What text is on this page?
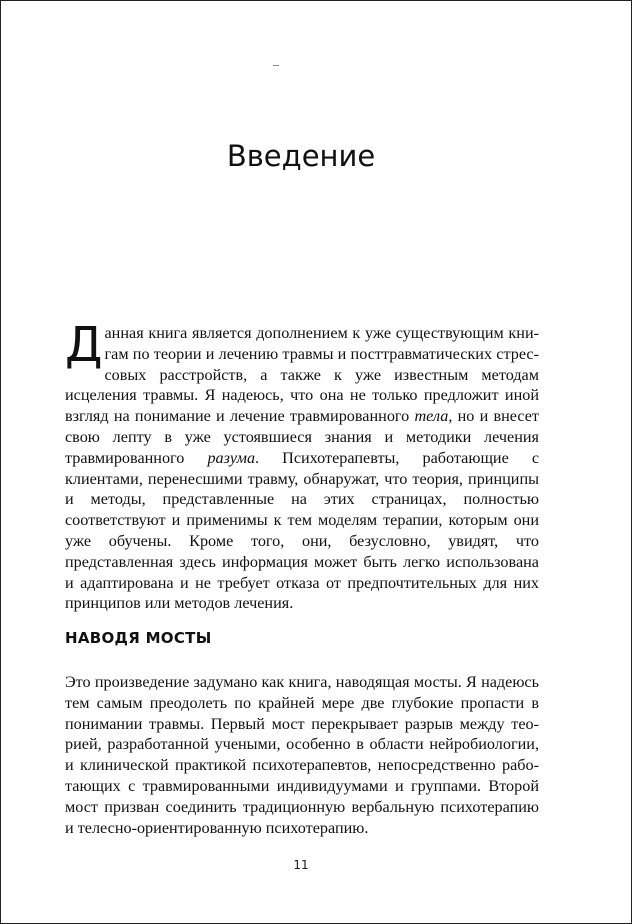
Введение

Данная книга является дополнением к уже существующим книгам по теории и лечению травмы и посттравматических стрессовых расстройств, а также к уже известным методам исцеления травмы. Я надеюсь, что она не только предложит иной взгляд на понимание и лечение травмированного тела, но и внесет свою лепту в уже устоявшиеся знания и методики лечения травмированного разума. Психотерапевты, работающие с клиентами, перенесшими травму, обнаружат, что теория, принципы и методы, представленные на этих страницах, полностью соответствуют и применимы к тем моделям терапии, которым они уже обучены. Кроме того, они, безусловно, увидят, что представленная здесь информация может быть легко использована и адаптирована и не требует отказа от предпочтительных для них принципов или методов лечения.

НАВОДЯ МОСТЫ

Это произведение задумано как книга, наводящая мосты. Я надеюсь тем самым преодолеть по крайней мере две глубокие пропасти в понимании травмы. Первый мост перекрывает разрыв между теорией, разработанной учеными, особенно в области нейробиологии, и клинической практикой психотерапевтов, непосредственно работающих с травмированными индивидуумами и группами. Второй мост призван соединить традиционную вербальную психотерапию и телесно-ориентированную психотерапию.

11
